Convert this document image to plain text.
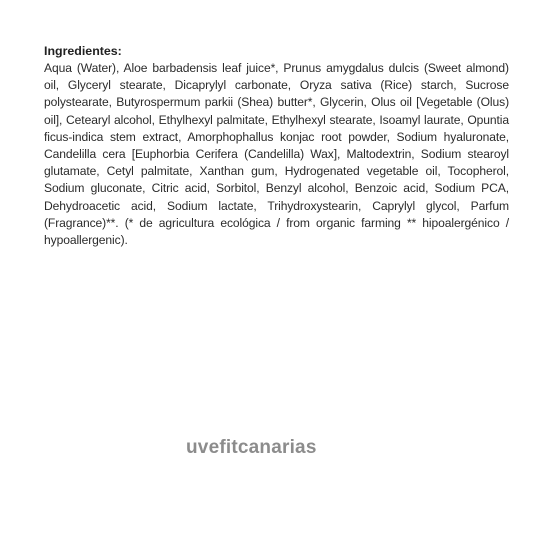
Ingredientes:

Aqua (Water), Aloe barbadensis leaf juice*, Prunus amygdalus dulcis (Sweet almond) oil, Glyceryl stearate, Dicaprylyl carbonate, Oryza sativa (Rice) starch, Sucrose polystearate, Butyrospermum parkii (Shea) butter*, Glycerin, Olus oil [Vegetable (Olus) oil], Cetearyl alcohol, Ethylhexyl palmitate, Ethylhexyl stearate, Isoamyl laurate, Opuntia ficus-indica stem extract, Amorphophallus konjac root powder, Sodium hyaluronate, Candelilla cera [Euphorbia Cerifera (Candelilla) Wax], Maltodextrin, Sodium stearoyl glutamate, Cetyl palmitate, Xanthan gum, Hydrogenated vegetable oil, Tocopherol, Sodium gluconate, Citric acid, Sorbitol, Benzyl alcohol, Benzoic acid, Sodium PCA, Dehydroacetic acid, Sodium lactate, Trihydroxystearin, Caprylyl glycol, Parfum (Fragrance)**. (* de agricultura ecológica / from organic farming ** hipoalergénico / hypoallergenic).

uvefitcanarias
